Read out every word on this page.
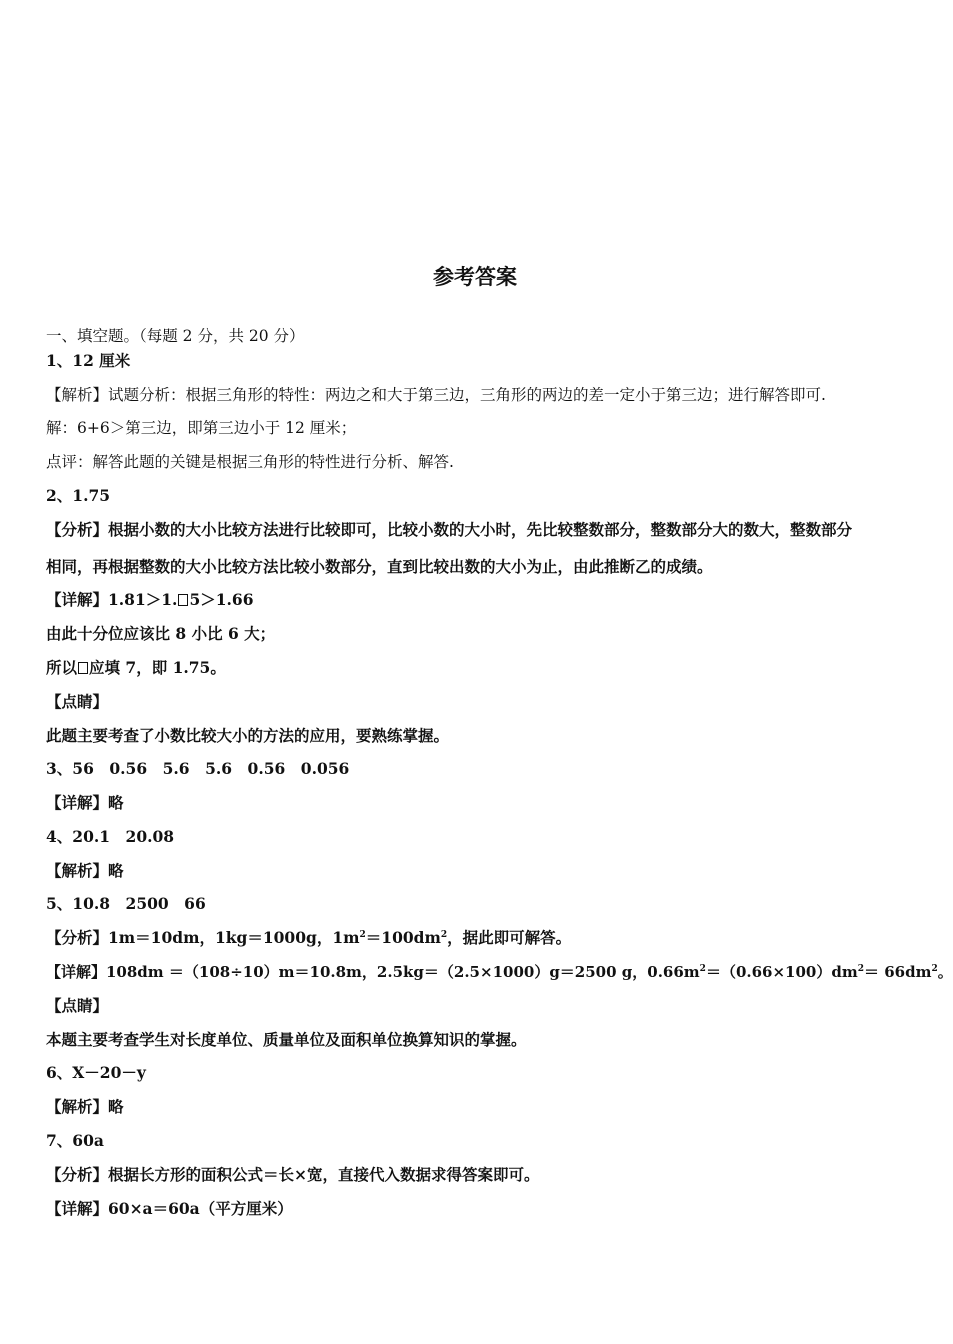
参考答案
一、填空题。（每题 2 分，共 20 分）
1、12 厘米
【解析】试题分析：根据三角形的特性：两边之和大于第三边，三角形的两边的差一定小于第三边；进行解答即可.
解：6+6＞第三边，即第三边小于 12 厘米；
点评：解答此题的关键是根据三角形的特性进行分析、解答.
2、1.75
【分析】根据小数的大小比较方法进行比较即可，比较小数的大小时，先比较整数部分，整数部分大的数大，整数部分
相同，再根据整数的大小比较方法比较小数部分，直到比较出数的大小为止，由此推断乙的成绩。
【详解】1.81＞1. 5＞1.66
由此十分位应该比 8 小比 6 大；
所以 应填 7，即 1.75。
【点睛】
此题主要考查了小数比较大小的方法的应用，要熟练掌握。
3、56　0.56　5.6　5.6　0.56　0.056
【详解】略
4、20.1　20.08
【解析】略
5、10.8　2500　66
【分析】1m＝10dm，1kg＝1000g，$1m^2=100dm^2$，据此即可解答。
【详解】108dm ＝（108÷10）m＝10.8m，2.5kg＝（2.5×1000）g＝2500 g，$0.66m^2=(0.66\times 100)dm^2= 66dm^2$。
【点睛】
本题主要考查学生对长度单位、质量单位及面积单位换算知识的掌握。
6、X－20－y
【解析】略
7、60a
【分析】根据长方形的面积公式＝长×宽，直接代入数据求得答案即可。
【详解】60×a＝60a（平方厘米）
